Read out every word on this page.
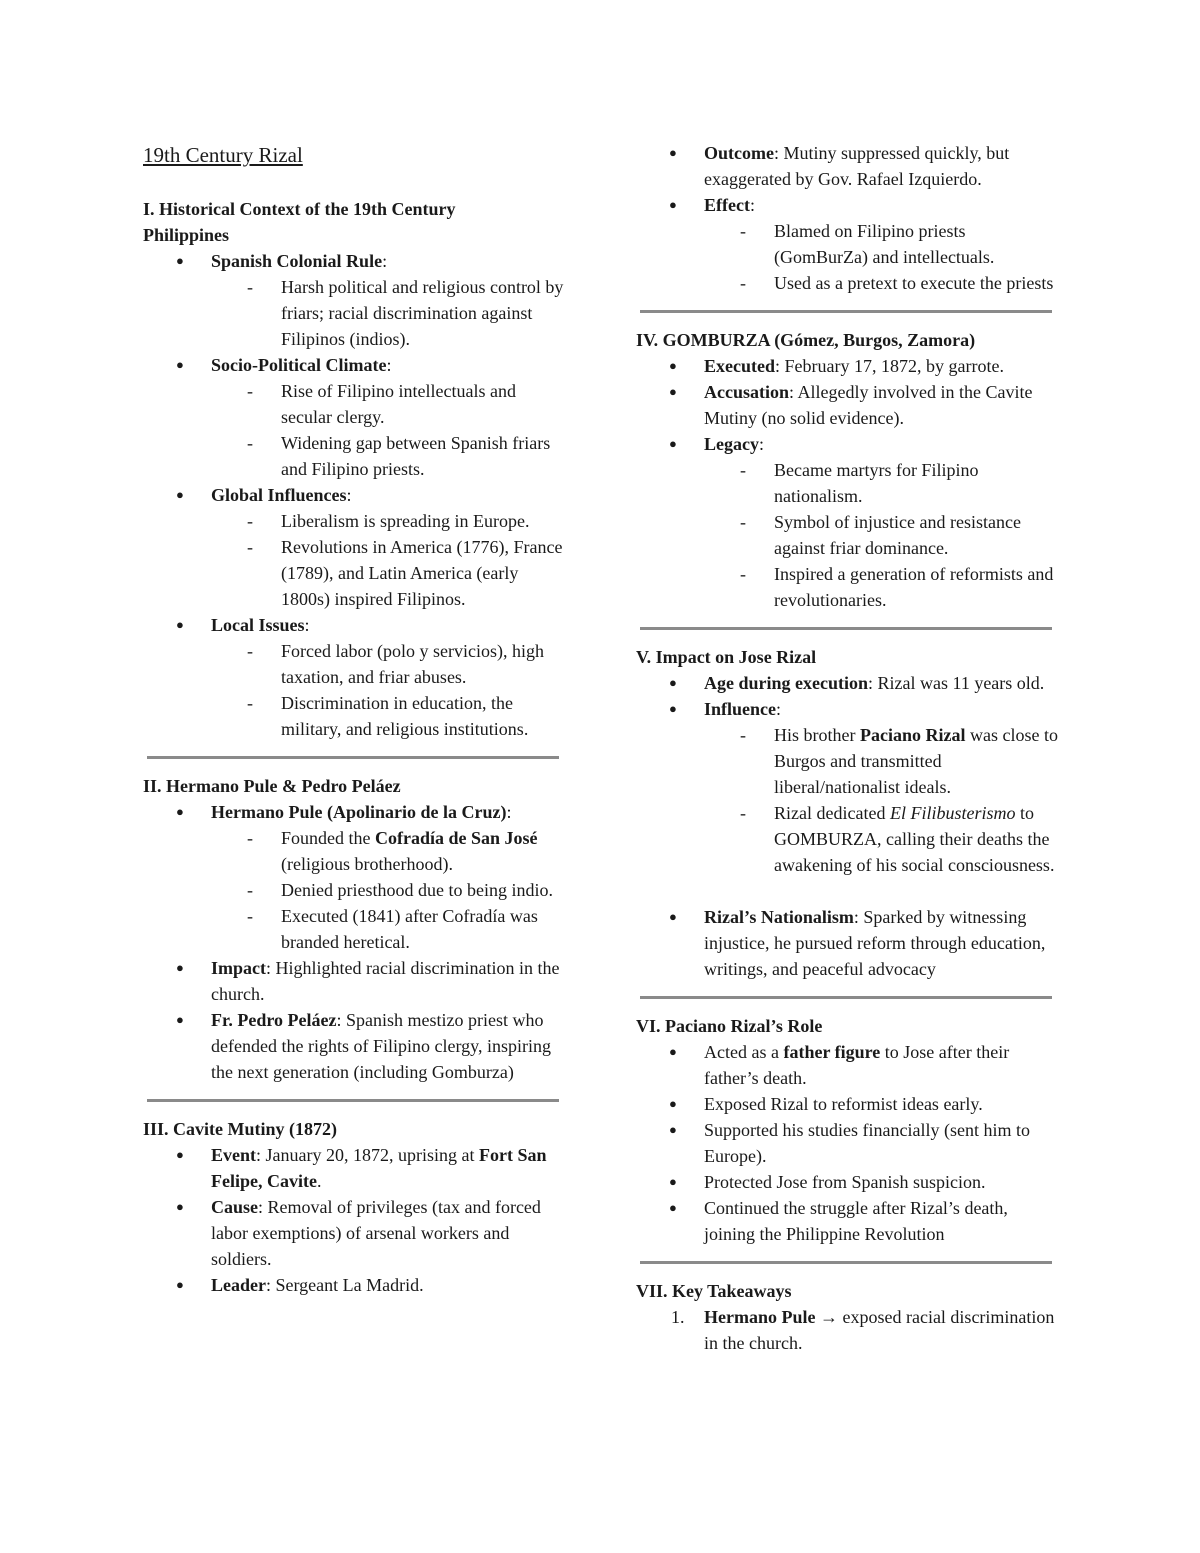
19th Century Rizal
I. Historical Context of the 19th Century
Philippines
● Spanish Colonial Rule:
- Harsh political and religious control by friars; racial discrimination against Filipinos (indios).
● Socio-Political Climate:
- Rise of Filipino intellectuals and secular clergy.
- Widening gap between Spanish friars and Filipino priests.
● Global Influences:
- Liberalism is spreading in Europe.
- Revolutions in America (1776), France (1789), and Latin America (early 1800s) inspired Filipinos.
● Local Issues:
- Forced labor (polo y servicios), high taxation, and friar abuses.
- Discrimination in education, the military, and religious institutions.
II. Hermano Pule & Pedro Peláez
● Hermano Pule (Apolinario de la Cruz):
- Founded the Cofradía de San José (religious brotherhood).
- Denied priesthood due to being indio.
- Executed (1841) after Cofradía was branded heretical.
● Impact: Highlighted racial discrimination in the church.
● Fr. Pedro Peláez: Spanish mestizo priest who defended the rights of Filipino clergy, inspiring the next generation (including Gomburza)
III. Cavite Mutiny (1872)
● Event: January 20, 1872, uprising at Fort San Felipe, Cavite.
● Cause: Removal of privileges (tax and forced labor exemptions) of arsenal workers and soldiers.
● Leader: Sergeant La Madrid.
● Outcome: Mutiny suppressed quickly, but exaggerated by Gov. Rafael Izquierdo.
● Effect:
- Blamed on Filipino priests (GomBurZa) and intellectuals.
- Used as a pretext to execute the priests
IV. GOMBURZA (Gómez, Burgos, Zamora)
● Executed: February 17, 1872, by garrote.
● Accusation: Allegedly involved in the Cavite Mutiny (no solid evidence).
● Legacy:
- Became martyrs for Filipino nationalism.
- Symbol of injustice and resistance against friar dominance.
- Inspired a generation of reformists and revolutionaries.
V. Impact on Jose Rizal
● Age during execution: Rizal was 11 years old.
● Influence:
- His brother Paciano Rizal was close to Burgos and transmitted liberal/nationalist ideals.
- Rizal dedicated El Filibusterismo to GOMBURZA, calling their deaths the awakening of his social consciousness.
● Rizal’s Nationalism: Sparked by witnessing injustice, he pursued reform through education, writings, and peaceful advocacy
VI. Paciano Rizal’s Role
● Acted as a father figure to Jose after their father’s death.
● Exposed Rizal to reformist ideas early.
● Supported his studies financially (sent him to Europe).
● Protected Jose from Spanish suspicion.
● Continued the struggle after Rizal’s death, joining the Philippine Revolution
VII. Key Takeaways
1. Hermano Pule → exposed racial discrimination in the church.
